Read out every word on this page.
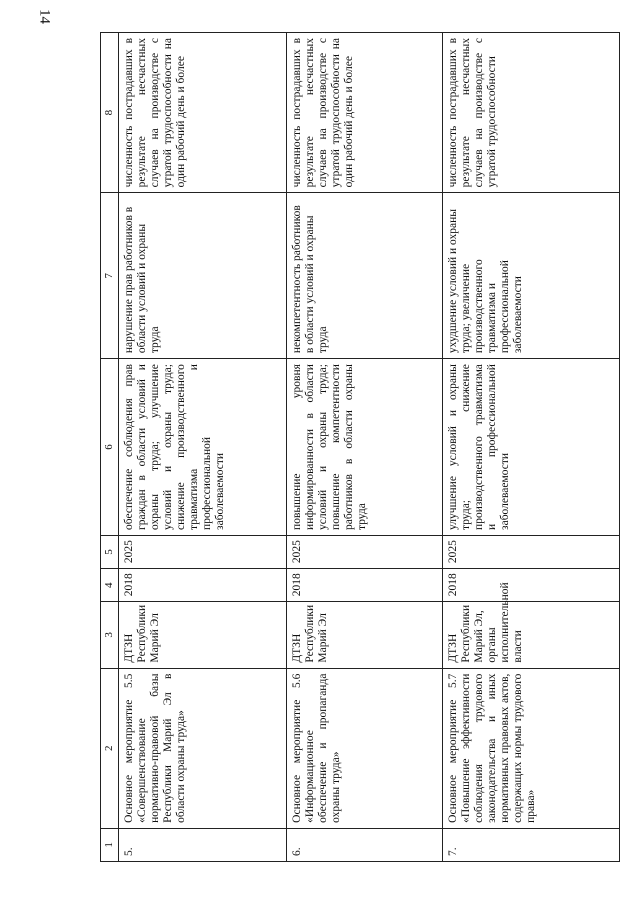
14
1	2	3	4	5	6	7	8
5.	Основное мероприятие 5.5 «Совершенствование нормативно-правовой базы Республики Марий Эл в области охраны труда»	ДТЗН Республики Марий Эл	2018	2025	обеспечение соблюдения прав граждан в области условий и охраны труда; улучшение условий и охраны труда; снижение производственного травматизма и профессиональной заболеваемости	нарушение прав работников в области условий и охраны труда	численность пострадавших в результате несчастных случаев на производстве с утратой трудоспособности на один рабочий день и более
6.	Основное мероприятие 5.6 «Информационное обеспечение и пропаганда охраны труда»	ДТЗН Республики Марий Эл	2018	2025	повышение уровня информированности в области условий и охраны труда; повышение компетентности работников в области охраны труда	некомпетентность работников в области условий и охраны труда	численность пострадавших в результате несчастных случаев на производстве с утратой трудоспособности на один рабочий день и более
7.	Основное мероприятие 5.7 «Повышение эффективности соблюдения трудового законодательства и иных нормативных правовых актов, содержащих нормы трудового права»	ДТЗН Республики Марий Эл, органы исполнительной власти	2018	2025	улучшение условий и охраны труда; снижение производственного травматизма и профессиональной заболеваемости	ухудшение условий и охраны труда; увеличение производственного травматизма и профессиональной заболеваемости	численность пострадавших в результате несчастных случаев на производстве с утратой трудоспособности
